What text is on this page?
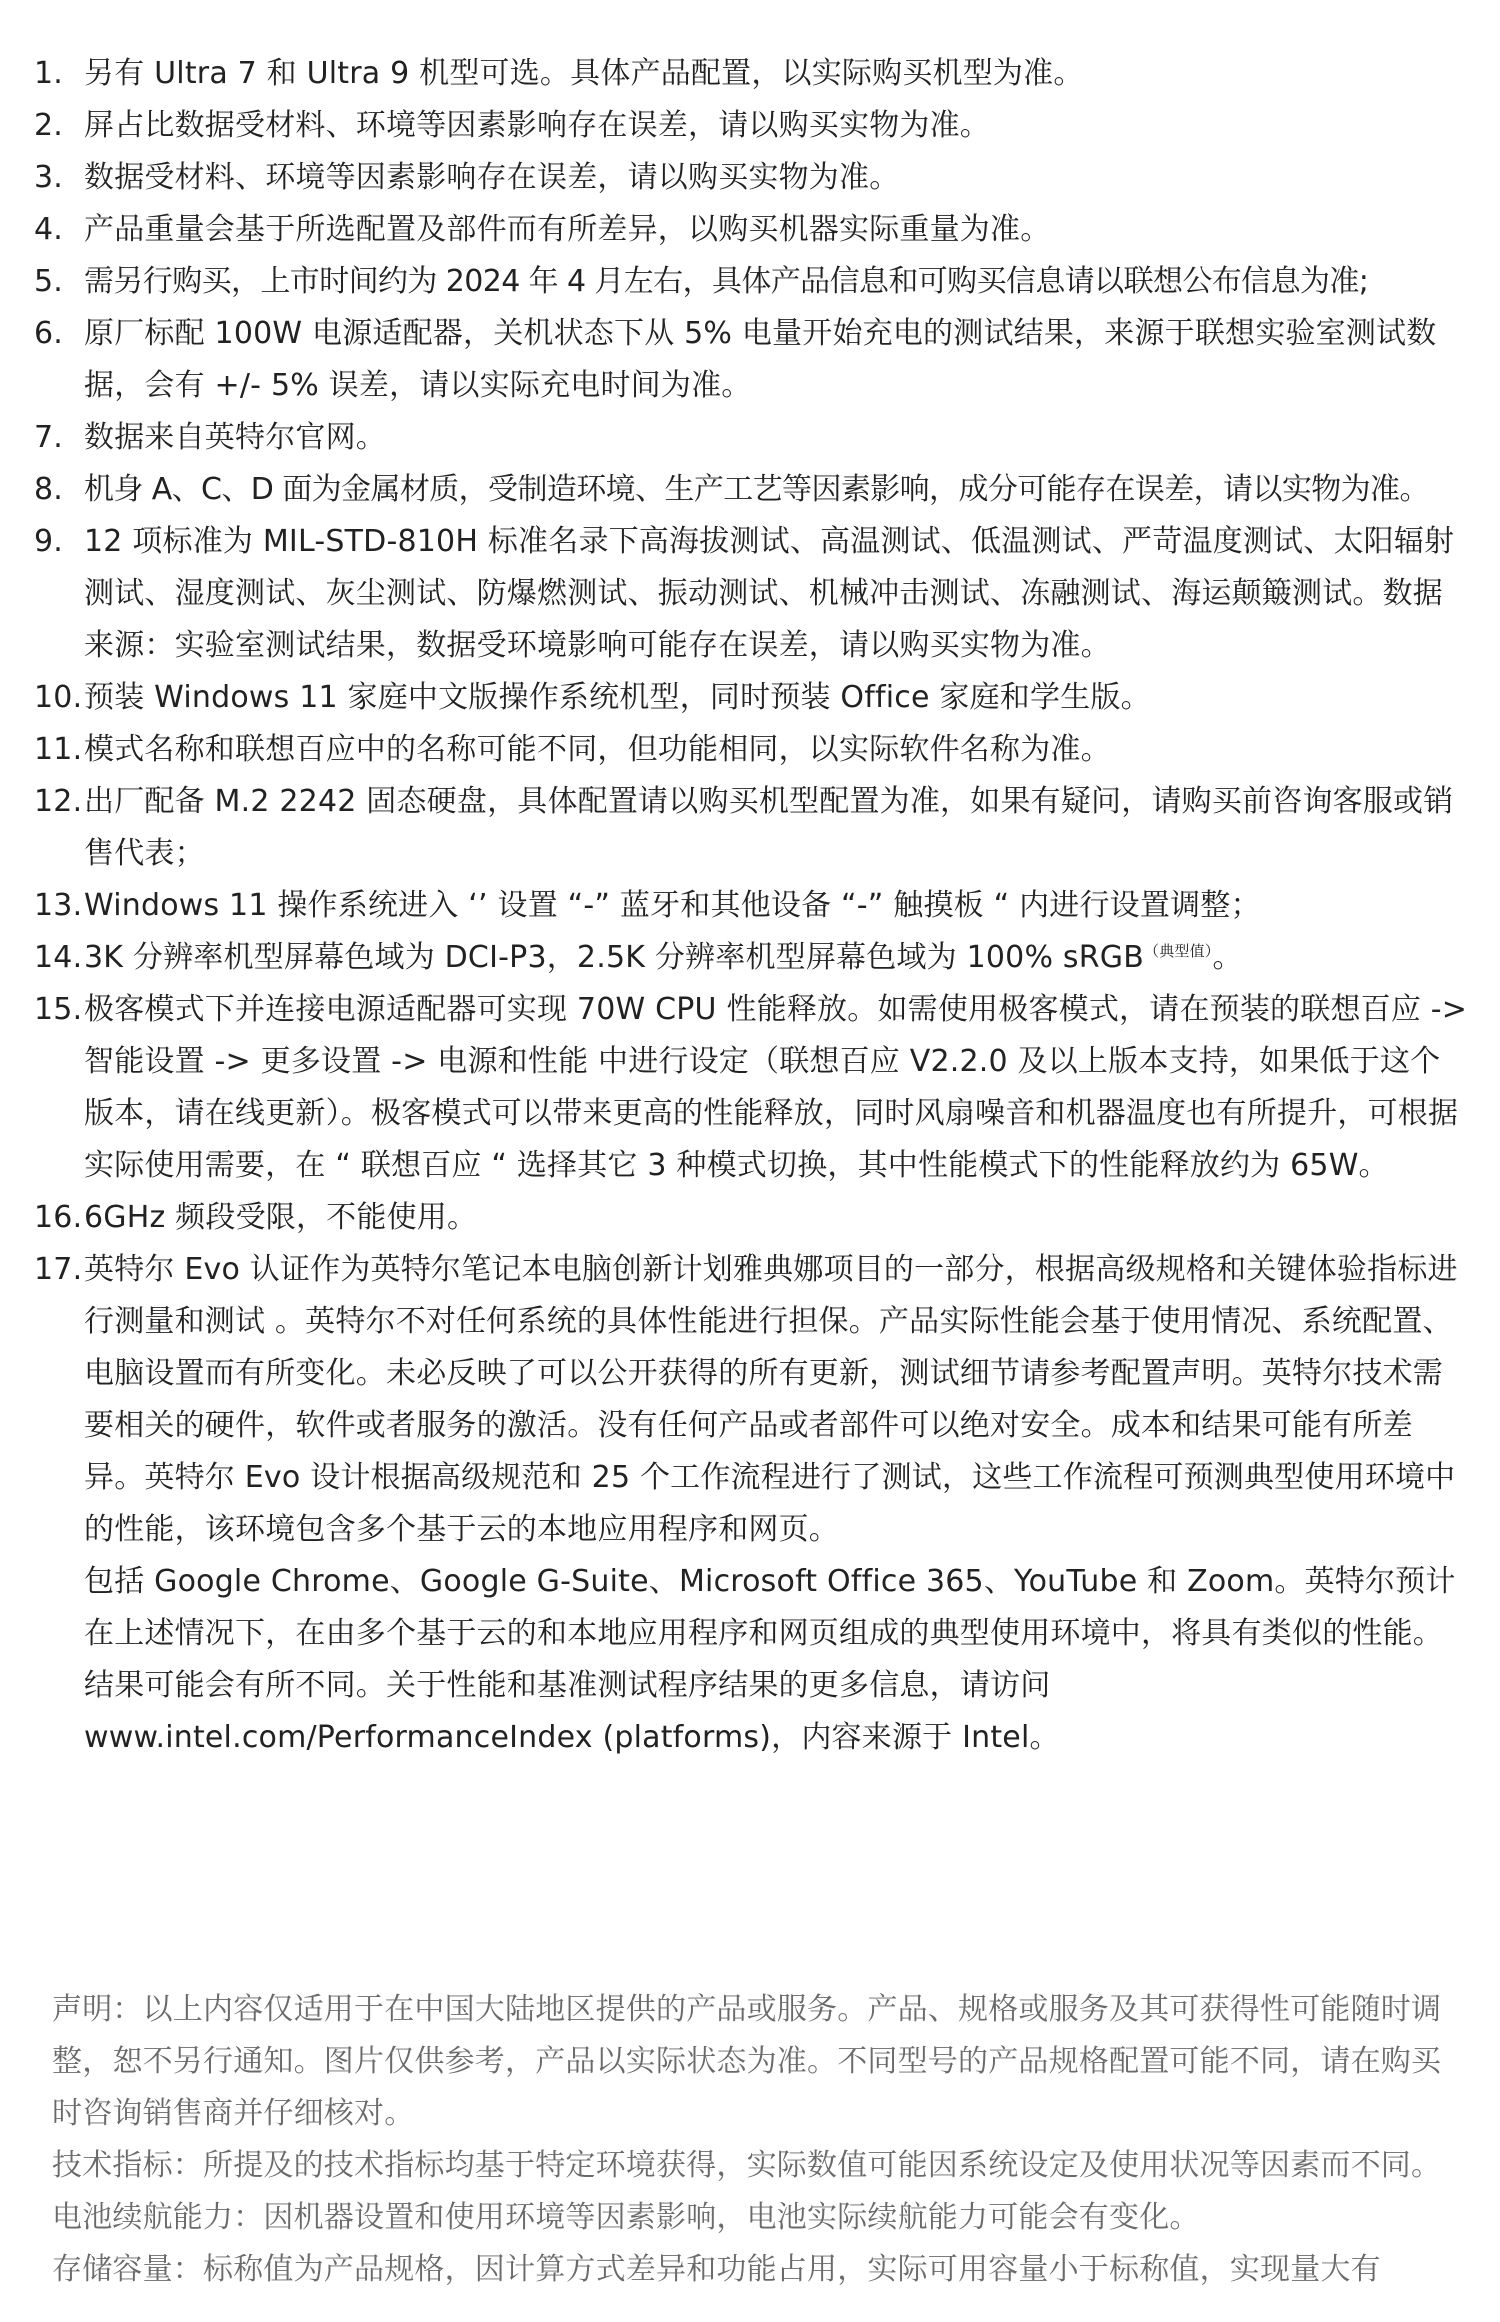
1. 另有 Ultra 7 和 Ultra 9 机型可选。具体产品配置，以实际购买机型为准。
2. 屏占比数据受材料、环境等因素影响存在误差，请以购买实物为准。
3. 数据受材料、环境等因素影响存在误差，请以购买实物为准。
4. 产品重量会基于所选配置及部件而有所差异，以购买机器实际重量为准。
5. 需另行购买，上市时间约为 2024 年 4 月左右，具体产品信息和可购买信息请以联想公布信息为准;
6. 原厂标配 100W 电源适配器，关机状态下从 5% 电量开始充电的测试结果，来源于联想实验室测试数据，会有 +/- 5% 误差，请以实际充电时间为准。
7. 数据来自英特尔官网。
8. 机身 A、C、D 面为金属材质，受制造环境、生产工艺等因素影响，成分可能存在误差，请以实物为准。
9. 12 项标准为 MIL-STD-810H 标准名录下高海拔测试、高温测试、低温测试、严苛温度测试、太阳辐射测试、湿度测试、灰尘测试、防爆燃测试、振动测试、机械冲击测试、冻融测试、海运颠簸测试。数据来源：实验室测试结果，数据受环境影响可能存在误差，请以购买实物为准。
10. 预装 Windows 11 家庭中文版操作系统机型，同时预装 Office 家庭和学生版。
11. 模式名称和联想百应中的名称可能不同，但功能相同，以实际软件名称为准。
12. 出厂配备 M.2 2242 固态硬盘，具体配置请以购买机型配置为准，如果有疑问，请购买前咨询客服或销售代表；
13. Windows 11 操作系统进入 ‘’ 设置 “-” 蓝牙和其他设备 “-” 触摸板 “ 内进行设置调整；
14. 3K 分辨率机型屏幕色域为 DCI-P3，2.5K 分辨率机型屏幕色域为 100% sRGB$^{(典型值)}$。
15. 极客模式下并连接电源适配器可实现 70W CPU 性能释放。如需使用极客模式，请在预装的联想百应 -> 智能设置 -> 更多设置 -> 电源和性能 中进行设定（联想百应 V2.2.0 及以上版本支持，如果低于这个版本，请在线更新）。极客模式可以带来更高的性能释放，同时风扇噪音和机器温度也有所提升，可根据实际使用需要，在 “ 联想百应 “ 选择其它 3 种模式切换，其中性能模式下的性能释放约为 65W。
16. 6GHz 频段受限，不能使用。
17. 英特尔 Evo 认证作为英特尔笔记本电脑创新计划雅典娜项目的一部分，根据高级规格和关键体验指标进行测量和测试 。英特尔不对任何系统的具体性能进行担保。产品实际性能会基于使用情况、系统配置、电脑设置而有所变化。未必反映了可以公开获得的所有更新，测试细节请参考配置声明。英特尔技术需要相关的硬件，软件或者服务的激活。没有任何产品或者部件可以绝对安全。成本和结果可能有所差异。英特尔 Evo 设计根据高级规范和 25 个工作流程进行了测试，这些工作流程可预测典型使用环境中的性能，该环境包含多个基于云的本地应用程序和网页。
包括 Google Chrome、Google G-Suite、Microsoft Office 365、YouTube 和 Zoom。英特尔预计在上述情况下，在由多个基于云的和本地应用程序和网页组成的典型使用环境中，将具有类似的性能。结果可能会有所不同。关于性能和基准测试程序结果的更多信息，请访问 www.intel.com/PerformanceIndex (platforms)，内容来源于 Intel。
声明：以上内容仅适用于在中国大陆地区提供的产品或服务。产品、规格或服务及其可获得性可能随时调整，恕不另行通知。图片仅供参考，产品以实际状态为准。不同型号的产品规格配置可能不同，请在购买时咨询销售商并仔细核对。
技术指标：所提及的技术指标均基于特定环境获得，实际数值可能因系统设定及使用状况等因素而不同。
电池续航能力：因机器设置和使用环境等因素影响，电池实际续航能力可能会有变化。
存储容量：标称值为产品规格，因计算方式差异和功能占用，实际可用容量小于标称值，实现量大有
